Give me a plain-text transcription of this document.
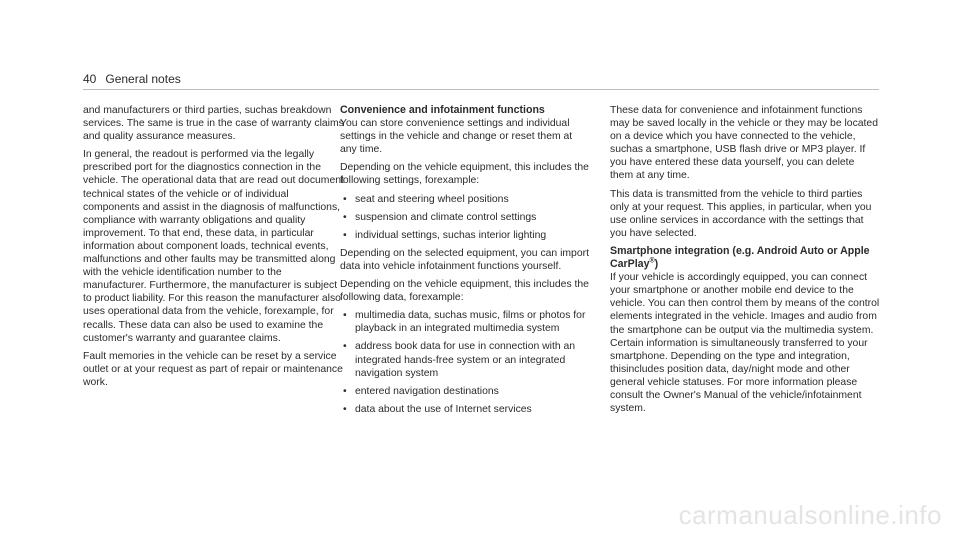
40 General notes

and manufacturers or third parties, suchas breakdown services. The same is true in the case of warranty claims and quality assurance measures.

In general, the readout is performed via the legally prescribed port for the diagnostics connection in the vehicle. The operational data that are read out document technical states of the vehicle or of individual components and assist in the diagnosis of malfunctions, compliance with warranty obligations and quality improvement. To that end, these data, in particular information about component loads, technical events, malfunctions and other faults may be transmitted along with the vehicle identification number to the manufacturer. Furthermore, the manufacturer is subject to product liability. For this reason the manufacturer also uses operational data from the vehicle, forexample, for recalls. These data can also be used to examine the customer's warranty and guarantee claims.

Fault memories in the vehicle can be reset by a service outlet or at your request as part of repair or maintenance work.

Convenience and infotainment functions

You can store convenience settings and individual settings in the vehicle and change or reset them at any time.

Depending on the vehicle equipment, this includes the following settings, forexample:

• seat and steering wheel positions
• suspension and climate control settings
• individual settings, suchas interior lighting

Depending on the selected equipment, you can import data into vehicle infotainment functions yourself.

Depending on the vehicle equipment, this includes the following data, forexample:

• multimedia data, suchas music, films or photos for playback in an integrated multimedia system
• address book data for use in connection with an integrated hands-free system or an integrated navigation system
• entered navigation destinations
• data about the use of Internet services

These data for convenience and infotainment functions may be saved locally in the vehicle or they may be located on a device which you have connected to the vehicle, suchas a smartphone, USB flash drive or MP3 player. If you have entered these data yourself, you can delete them at any time.

This data is transmitted from the vehicle to third parties only at your request. This applies, in particular, when you use online services in accordance with the settings that you have selected.

Smartphone integration (e.g. Android Auto or Apple CarPlay®)

If your vehicle is accordingly equipped, you can connect your smartphone or another mobile end device to the vehicle. You can then control them by means of the control elements integrated in the vehicle. Images and audio from the smartphone can be output via the multimedia system. Certain information is simultaneously transferred to your smartphone. Depending on the type and integration, thisincludes position data, day/night mode and other general vehicle statuses. For more information please consult the Owner's Manual of the vehicle/infotainment system.

carmanualsonline.info
